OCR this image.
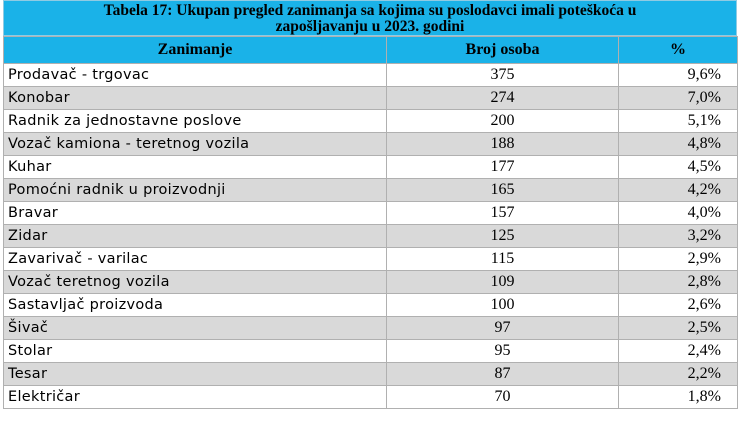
Tabela 17: Ukupan pregled zanimanja sa kojima su poslodavci imali poteškoća u
zapošljavanju u 2023. godini
Zanimanje	Broj osoba	%
Prodavač - trgovac	375	9,6%
Konobar	274	7,0%
Radnik za jednostavne poslove	200	5,1%
Vozač kamiona - teretnog vozila	188	4,8%
Kuhar	177	4,5%
Pomoćni radnik u proizvodnji	165	4,2%
Bravar	157	4,0%
Zidar	125	3,2%
Zavarivač - varilac	115	2,9%
Vozač teretnog vozila	109	2,8%
Sastavljač proizvoda	100	2,6%
Šivač	97	2,5%
Stolar	95	2,4%
Tesar	87	2,2%
Električar	70	1,8%
